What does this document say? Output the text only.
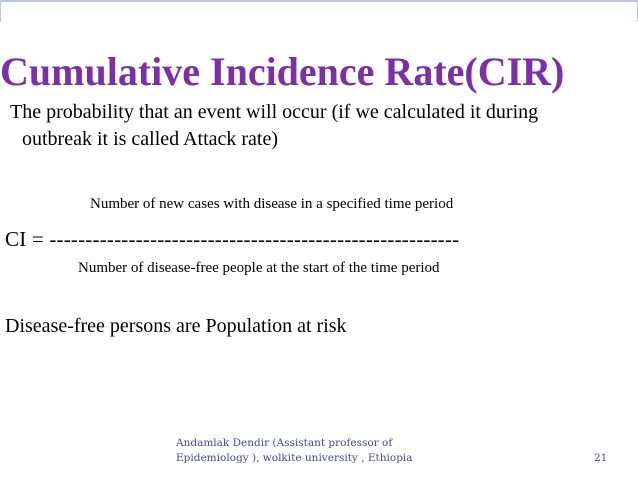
Cumulative Incidence Rate(CIR)
The probability that an event will occur (if we calculated it during
outbreak it is called Attack rate)
Number of new cases with disease in a specified time period
CI = ---------------------------------------------------------
Number of disease-free people at the start of the time period
Disease-free persons are Population at risk
Andamlak Dendir (Assistant professor of
Epidemiology ), wolkite university , Ethiopia	21
